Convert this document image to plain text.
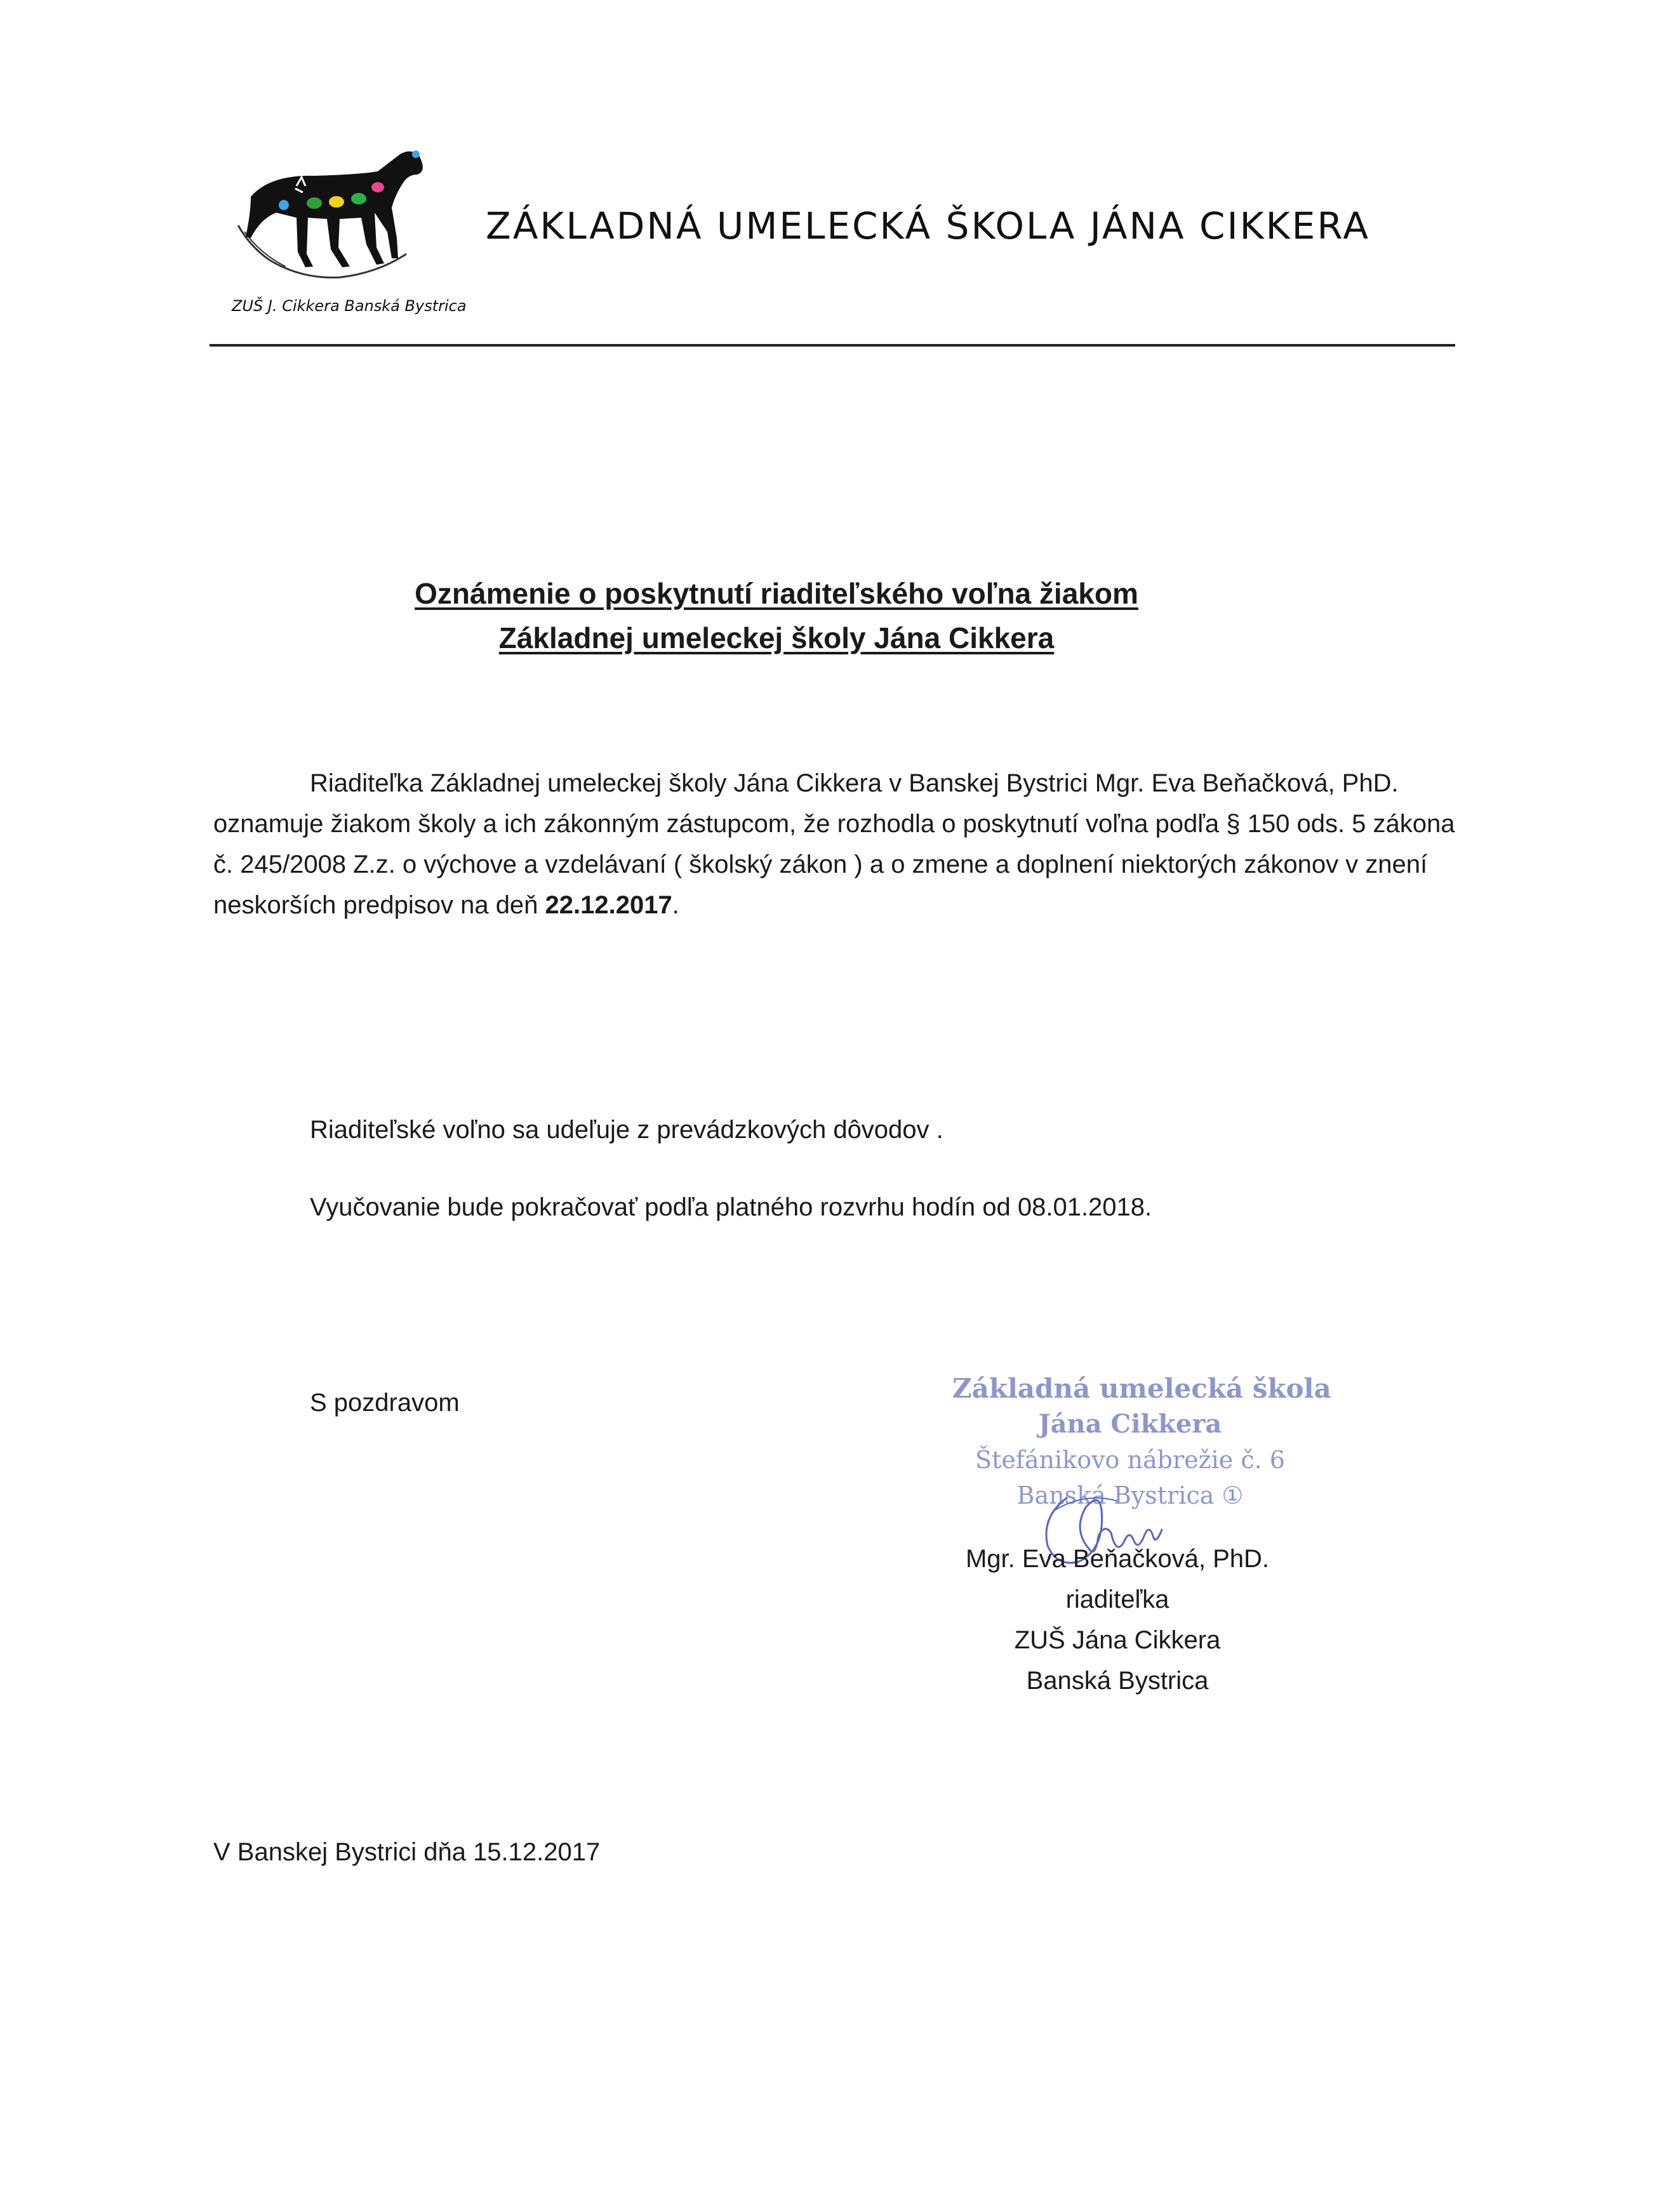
ZUŠ J. Cikkera Banská Bystrica
ZÁKLADNÁ UMELECKÁ ŠKOLA JÁNA CIKKERA
Oznámenie o poskytnutí riaditeľského voľna žiakom
Základnej umeleckej školy Jána Cikkera

Riaditeľka Základnej umeleckej školy Jána Cikkera v Banskej Bystrici Mgr. Eva Beňačková, PhD. oznamuje žiakom školy a ich zákonným zástupcom, že rozhodla o poskytnutí voľna podľa § 150 ods. 5 zákona č. 245/2008 Z.z. o výchove a vzdelávaní ( školský zákon ) a o zmene a doplnení niektorých zákonov v znení neskorších predpisov na deň 22.12.2017.

Riaditeľské voľno sa udeľuje z prevádzkových dôvodov .
Vyučovanie bude pokračovať podľa platného rozvrhu hodín od 08.01.2018.
S pozdravom	Základná umelecká škola
Jána Cikkera
Štefánikovo nábrežie č. 6
Banská Bystrica ①
Mgr. Eva Beňačková, PhD.
riaditeľka
ZUŠ Jána Cikkera
Banská Bystrica
V Banskej Bystrici dňa 15.12.2017
